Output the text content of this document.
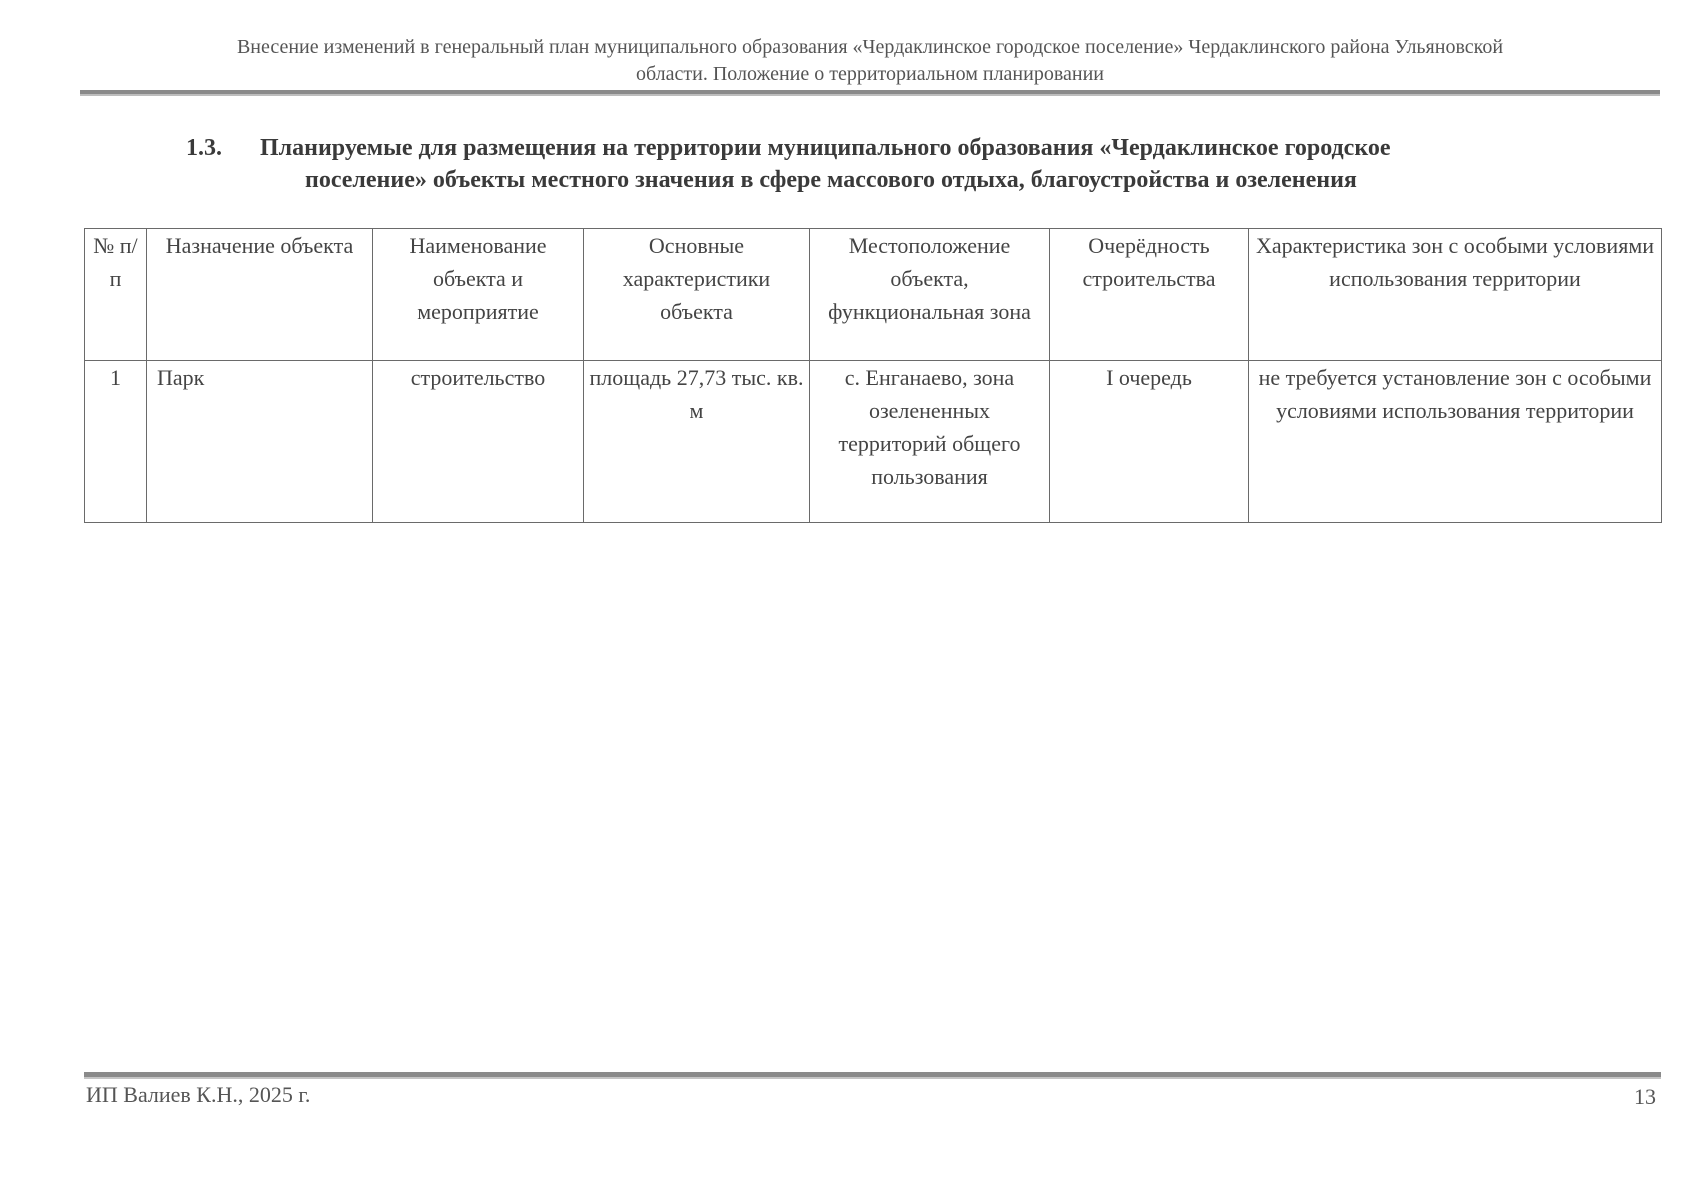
Внесение изменений в генеральный план муниципального образования «Чердаклинское городское поселение» Чердаклинского района Ульяновской
области. Положение о территориальном планировании
1.3. Планируемые для размещения на территории муниципального образования «Чердаклинское городское
поселение» объекты местного значения в сфере массового отдыха, благоустройства и озеленения
№ п/п	Назначение объекта	Наименование объекта и мероприятие	Основные характеристики объекта	Местоположение объекта, функциональная зона	Очерёдность строительства	Характеристика зон с особыми условиями использования территории
1	Парк	строительство	площадь 27,73 тыс. кв. м	с. Енганаево, зона озелененных территорий общего пользования	I очередь	не требуется установление зон с особыми условиями использования территории
ИП Валиев К.Н., 2025 г.	13
